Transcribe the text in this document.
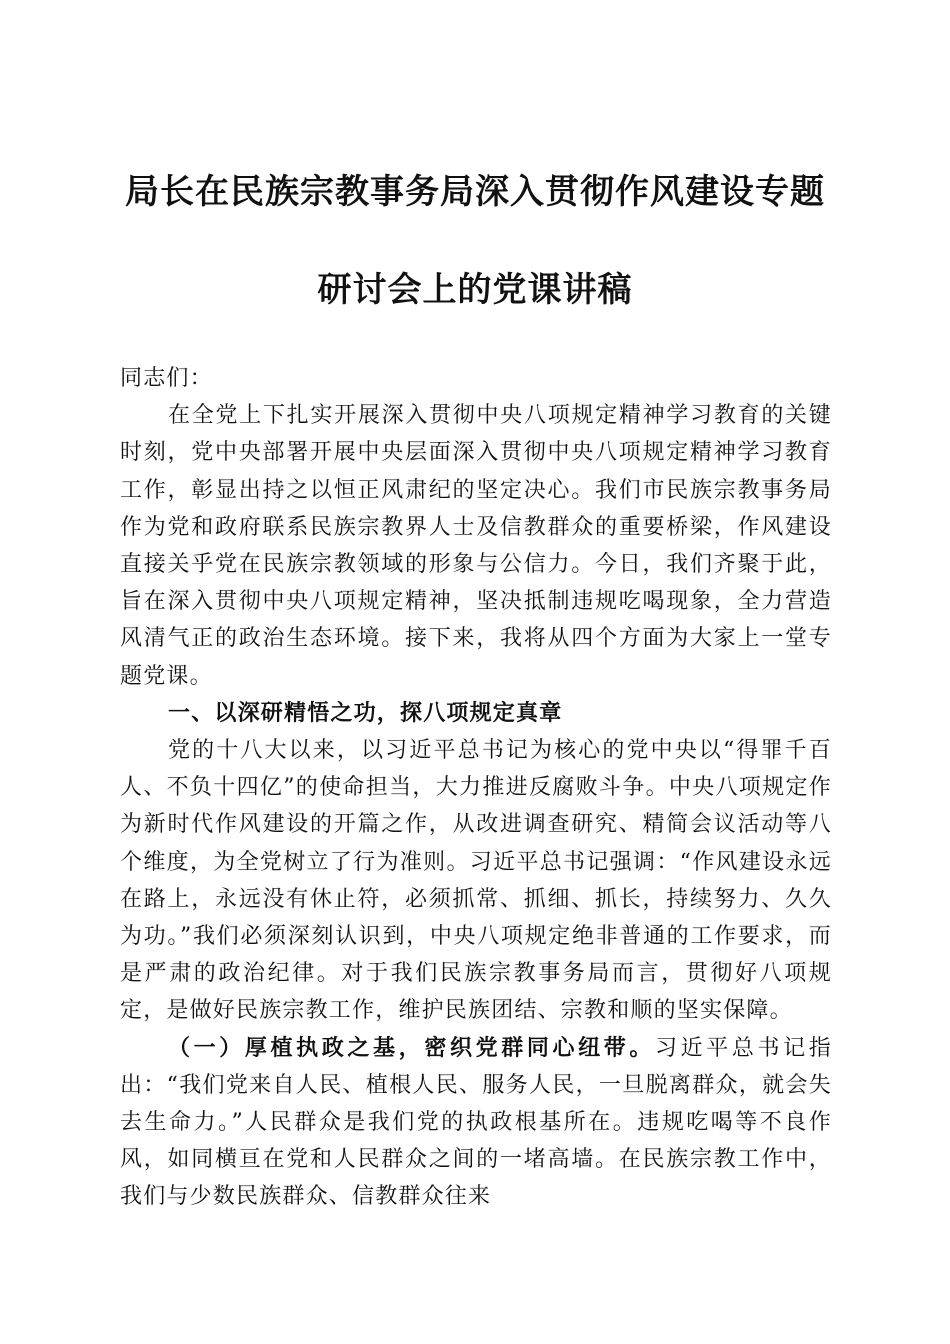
局长在民族宗教事务局深入贯彻作风建设专题
研讨会上的党课讲稿

同志们：

在全党上下扎实开展深入贯彻中央八项规定精神学习教育的关键时刻，党中央部署开展中央层面深入贯彻中央八项规定精神学习教育工作，彰显出持之以恒正风肃纪的坚定决心。我们市民族宗教事务局作为党和政府联系民族宗教界人士及信教群众的重要桥梁，作风建设直接关乎党在民族宗教领域的形象与公信力。今日，我们齐聚于此，旨在深入贯彻中央八项规定精神，坚决抵制违规吃喝现象，全力营造风清气正的政治生态环境。接下来，我将从四个方面为大家上一堂专题党课。

一、以深研精悟之功，探八项规定真章

党的十八大以来，以习近平总书记为核心的党中央以“得罪千百人、不负十四亿”的使命担当，大力推进反腐败斗争。中央八项规定作为新时代作风建设的开篇之作，从改进调查研究、精简会议活动等八个维度，为全党树立了行为准则。习近平总书记强调：“作风建设永远在路上，永远没有休止符，必须抓常、抓细、抓长，持续努力、久久为功。”我们必须深刻认识到，中央八项规定绝非普通的工作要求，而是严肃的政治纪律。对于我们民族宗教事务局而言，贯彻好八项规定，是做好民族宗教工作，维护民族团结、宗教和顺的坚实保障。

（一）厚植执政之基，密织党群同心纽带。习近平总书记指出：“我们党来自人民、植根人民、服务人民，一旦脱离群众，就会失去生命力。”人民群众是我们党的执政根基所在。违规吃喝等不良作风，如同横亘在党和人民群众之间的一堵高墙。在民族宗教工作中，我们与少数民族群众、信教群众往来
